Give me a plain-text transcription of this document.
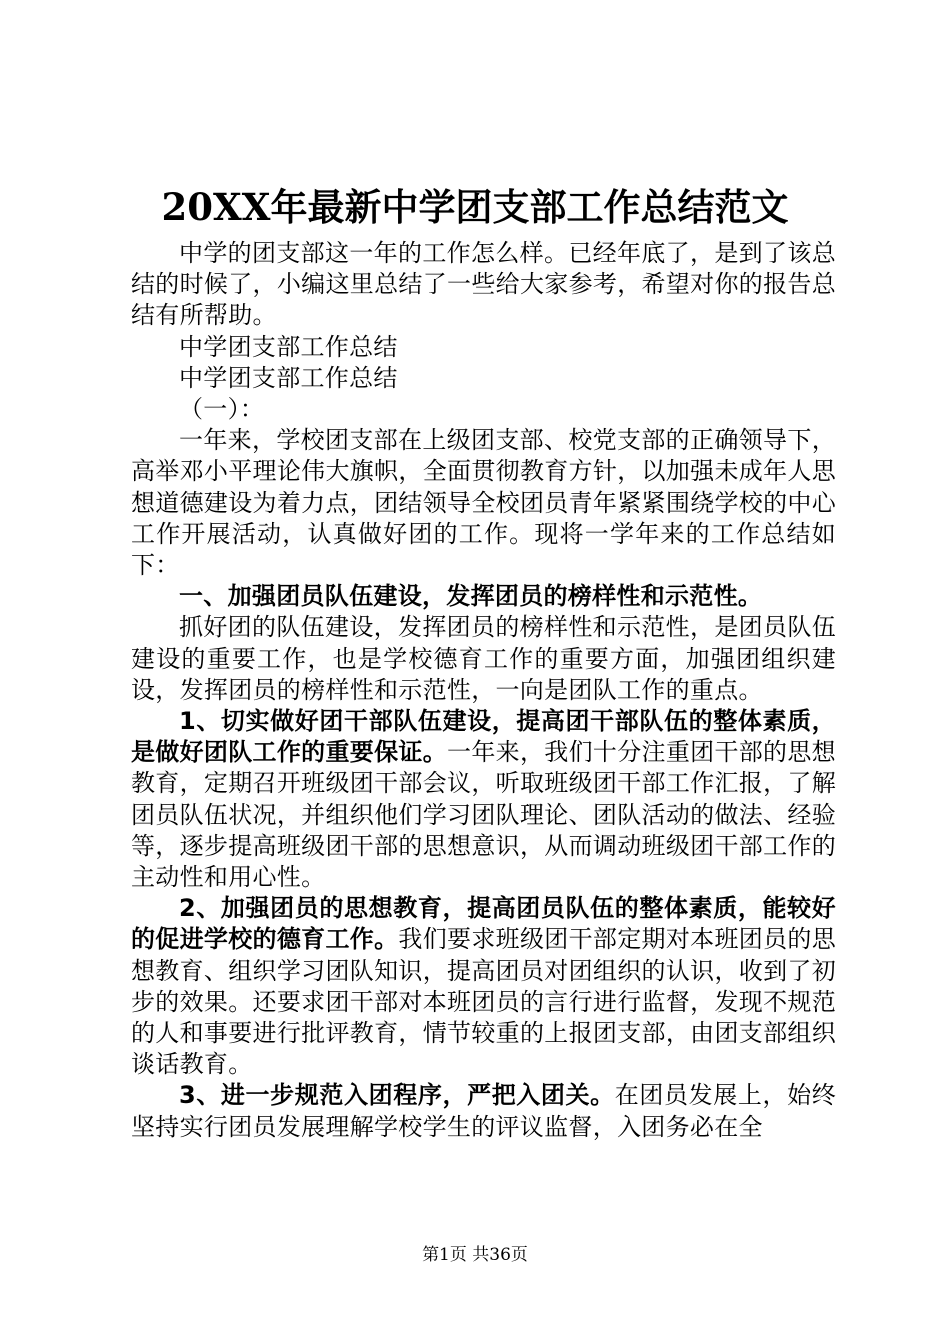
20XX年最新中学团支部工作总结范文

中学的团支部这一年的工作怎么样。已经年底了，是到了该总结的时候了，小编这里总结了一些给大家参考，希望对你的报告总结有所帮助。

中学团支部工作总结

中学团支部工作总结

（一）：

一年来，学校团支部在上级团支部、校党支部的正确领导下，高举邓小平理论伟大旗帜，全面贯彻教育方针，以加强未成年人思想道德建设为着力点，团结领导全校团员青年紧紧围绕学校的中心工作开展活动，认真做好团的工作。现将一学年来的工作总结如下：

一、加强团员队伍建设，发挥团员的榜样性和示范性。

抓好团的队伍建设，发挥团员的榜样性和示范性，是团员队伍建设的重要工作，也是学校德育工作的重要方面，加强团组织建设，发挥团员的榜样性和示范性，一向是团队工作的重点。

1、切实做好团干部队伍建设，提高团干部队伍的整体素质，是做好团队工作的重要保证。一年来，我们十分注重团干部的思想教育，定期召开班级团干部会议，听取班级团干部工作汇报，了解团员队伍状况，并组织他们学习团队理论、团队活动的做法、经验等，逐步提高班级团干部的思想意识，从而调动班级团干部工作的主动性和用心性。

2、加强团员的思想教育，提高团员队伍的整体素质，能较好的促进学校的德育工作。我们要求班级团干部定期对本班团员的思想教育、组织学习团队知识，提高团员对团组织的认识，收到了初步的效果。还要求团干部对本班团员的言行进行监督，发现不规范的人和事要进行批评教育，情节较重的上报团支部，由团支部组织谈话教育。

3、进一步规范入团程序，严把入团关。在团员发展上，始终坚持实行团员发展理解学校学生的评议监督，入团务必在全

第1页 共36页
